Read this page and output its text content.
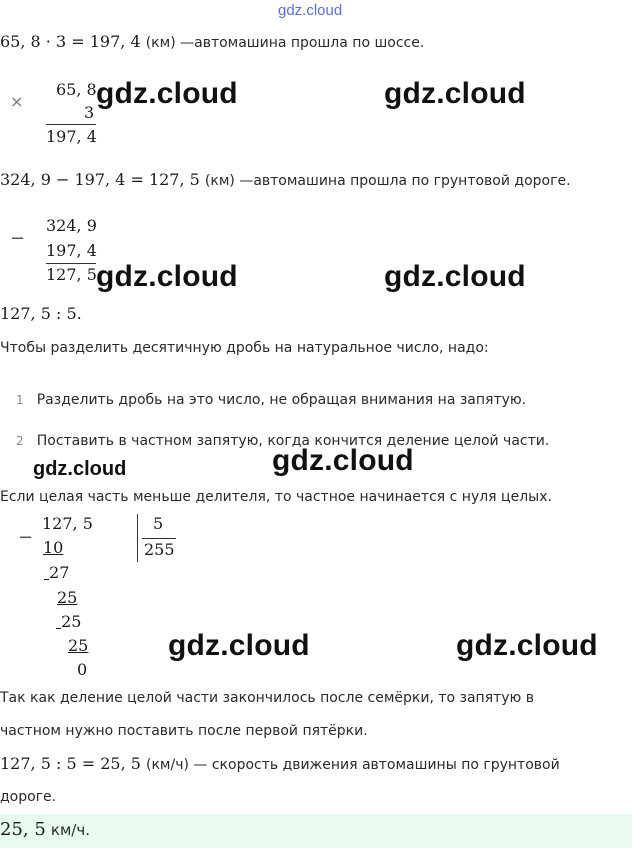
gdz.cloud
65, 8 · 3 = 197, 4 (км) —автомашина прошла по шоссе.
×
65, 8
3
197, 4
gdz.cloud	gdz.cloud
324, 9 − 197, 4 = 127, 5 (км) —автомашина прошла по грунтовой дороге.
−
324, 9
197, 4
127, 5 gdz.cloud	gdz.cloud
127, 5 : 5.
Чтобы разделить десятичную дробь на натуральное число, надо:
1 Разделить дробь на это число, не обращая внимания на запятую.
2 Поставить в частном запятую, когда кончится деление целой части.
gdz.cloud	gdz.cloud
Если целая часть меньше делителя, то частное начинается с нуля целых.
−
127, 5	5
255
10
27
25
25
25
0
gdz.cloud	gdz.cloud
Так как деление целой части закончилось после семёрки, то запятую в
частном нужно поставить после первой пятёрки.
127, 5 : 5 = 25, 5 (км/ч) — скорость движения автомашины по грунтовой
дороге.
25, 5 км/ч.
